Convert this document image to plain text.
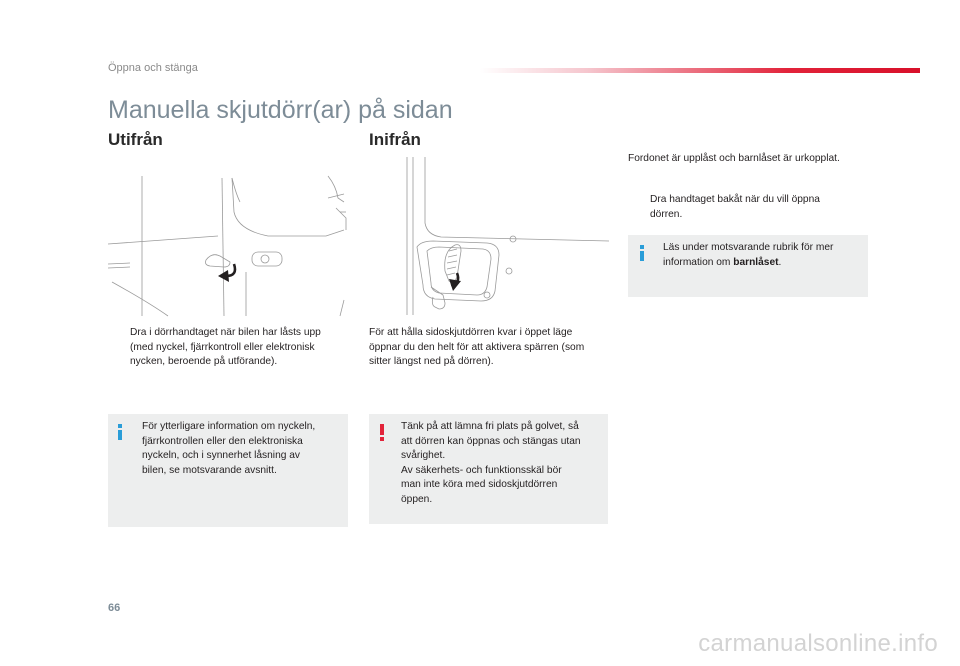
Öppna och stänga
Manuella skjutdörr(ar) på sidan
Utifrån
Dra i dörrhandtaget när bilen har låsts upp
(med nyckel, fjärrkontroll eller elektronisk
nycken, beroende på utförande).
För ytterligare information om nyckeln,
fjärrkontrollen eller den elektroniska
nyckeln, och i synnerhet låsning av
bilen, se motsvarande avsnitt.
Inifrån
För att hålla sidoskjutdörren kvar i öppet läge
öppnar du den helt för att aktivera spärren (som
sitter längst ned på dörren).
Tänk på att lämna fri plats på golvet, så
att dörren kan öppnas och stängas utan
svårighet.
Av säkerhets- och funktionsskäl bör
man inte köra med sidoskjutdörren
öppen.
Fordonet är upplåst och barnlåset är urkopplat.
Dra handtaget bakåt när du vill öppna
dörren.
Läs under motsvarande rubrik för mer
information om barnlåset.
66
carmanualsonline.info
